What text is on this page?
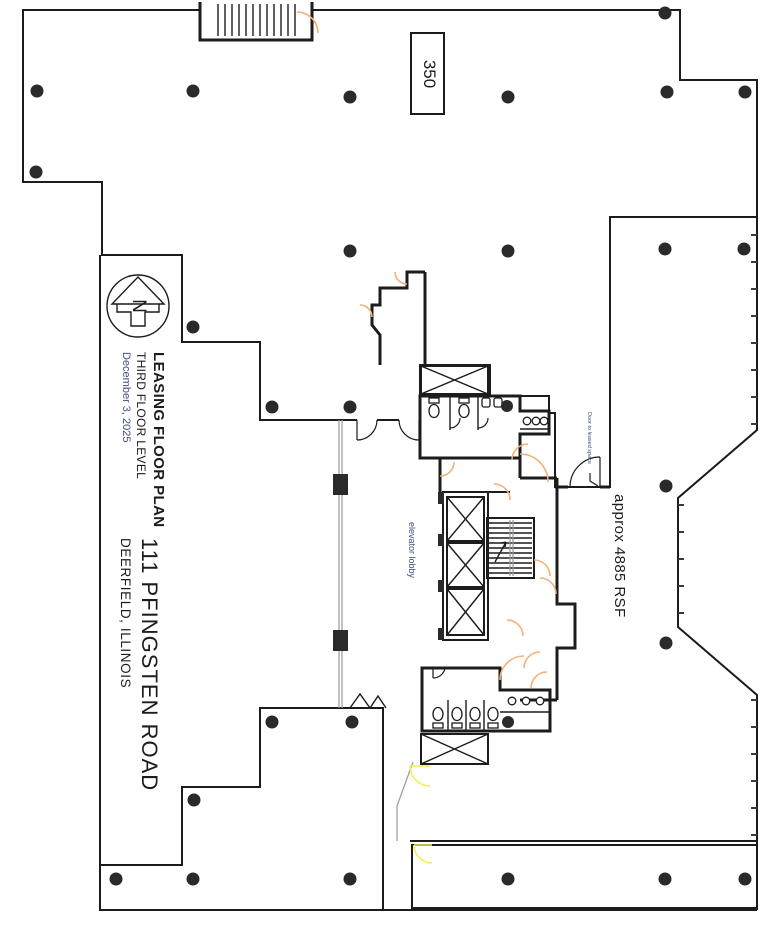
LEASING FLOOR PLAN
THIRD FLOOR LEVEL
December 3, 2025
111 PFINGSTEN ROAD
DEERFIELD, ILLINOIS
350
approx 4885 RSF
elevator lobby
Door to leased space
N
